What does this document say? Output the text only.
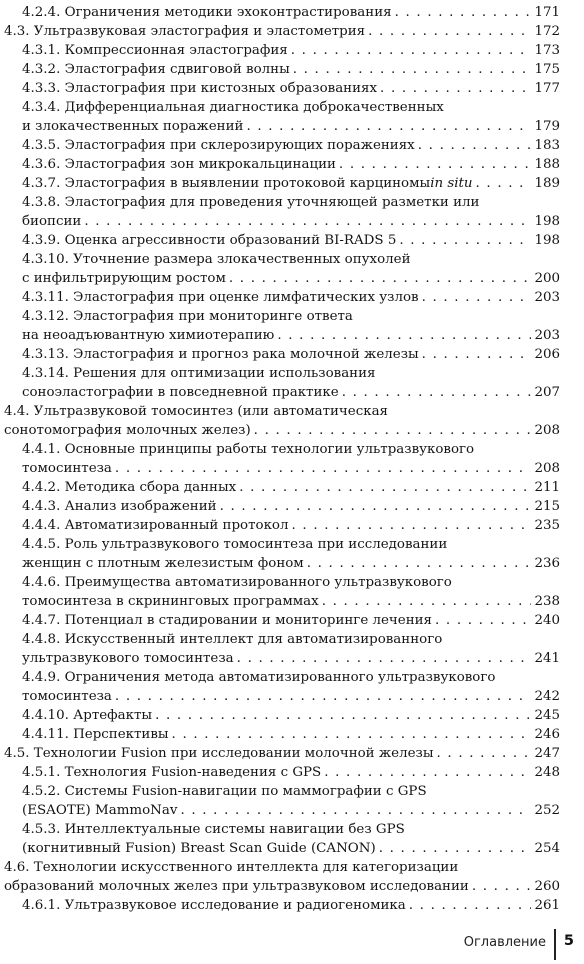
4.2.4. Ограничения методики эхоконтрастирования . . .	171
4.3. Ультразвуковая эластография и эластометрия . . .	172
4.3.1. Компрессионная эластография . . .	173
4.3.2. Эластография сдвиговой волны . . .	175
4.3.3. Эластография при кистозных образованиях . . .	177
4.3.4. Дифференциальная диагностика доброкачественных
и злокачественных поражений . . .	179
4.3.5. Эластография при склерозирующих поражениях . . .	183
4.3.6. Эластография зон микрокальцинации . . .	188
4.3.7. Эластография в выявлении протоковой карциномы in situ . . .	189
4.3.8. Эластография для проведения уточняющей разметки или
биопсии . . .	198
4.3.9. Оценка агрессивности образований BI-RADS 5 . . .	198
4.3.10. Уточнение размера злокачественных опухолей
с инфильтрирующим ростом . . .	200
4.3.11. Эластография при оценке лимфатических узлов . . .	203
4.3.12. Эластография при мониторинге ответа
на неоадъювантную химиотерапию . . .	203
4.3.13. Эластография и прогноз рака молочной железы . . .	206
4.3.14. Решения для оптимизации использования
соноэластографии в повседневной практике . . .	207
4.4. Ультразвуковой томосинтез (или автоматическая
сонотомография молочных желез) . . .	208
4.4.1. Основные принципы работы технологии ультразвукового
томосинтеза . . .	208
4.4.2. Методика сбора данных . . .	211
4.4.3. Анализ изображений . . .	215
4.4.4. Автоматизированный протокол . . .	235
4.4.5. Роль ультразвукового томосинтеза при исследовании
женщин с плотным железистым фоном . . .	236
4.4.6. Преимущества автоматизированного ультразвукового
томосинтеза в скрининговых программах . . .	238
4.4.7. Потенциал в стадировании и мониторинге лечения . . .	240
4.4.8. Искусственный интеллект для автоматизированного
ультразвукового томосинтеза . . .	241
4.4.9. Ограничения метода автоматизированного ультразвукового
томосинтеза . . .	242
4.4.10. Артефакты . . .	245
4.4.11. Перспективы . . .	246
4.5. Технологии Fusion при исследовании молочной железы . . .	247
4.5.1. Технология Fusion-наведения с GPS . . .	248
4.5.2. Системы Fusion-навигации по маммографии с GPS
(ESAOTE) MammoNav . . .	252
4.5.3. Интеллектуальные системы навигации без GPS
(когнитивный Fusion) Breast Scan Guide (CANON) . . .	254
4.6. Технологии искусственного интеллекта для категоризации
образований молочных желез при ультразвуковом исследовании . . .	260
4.6.1. Ультразвуковое исследование и радиогеномика . . .	261
Оглавление 5
